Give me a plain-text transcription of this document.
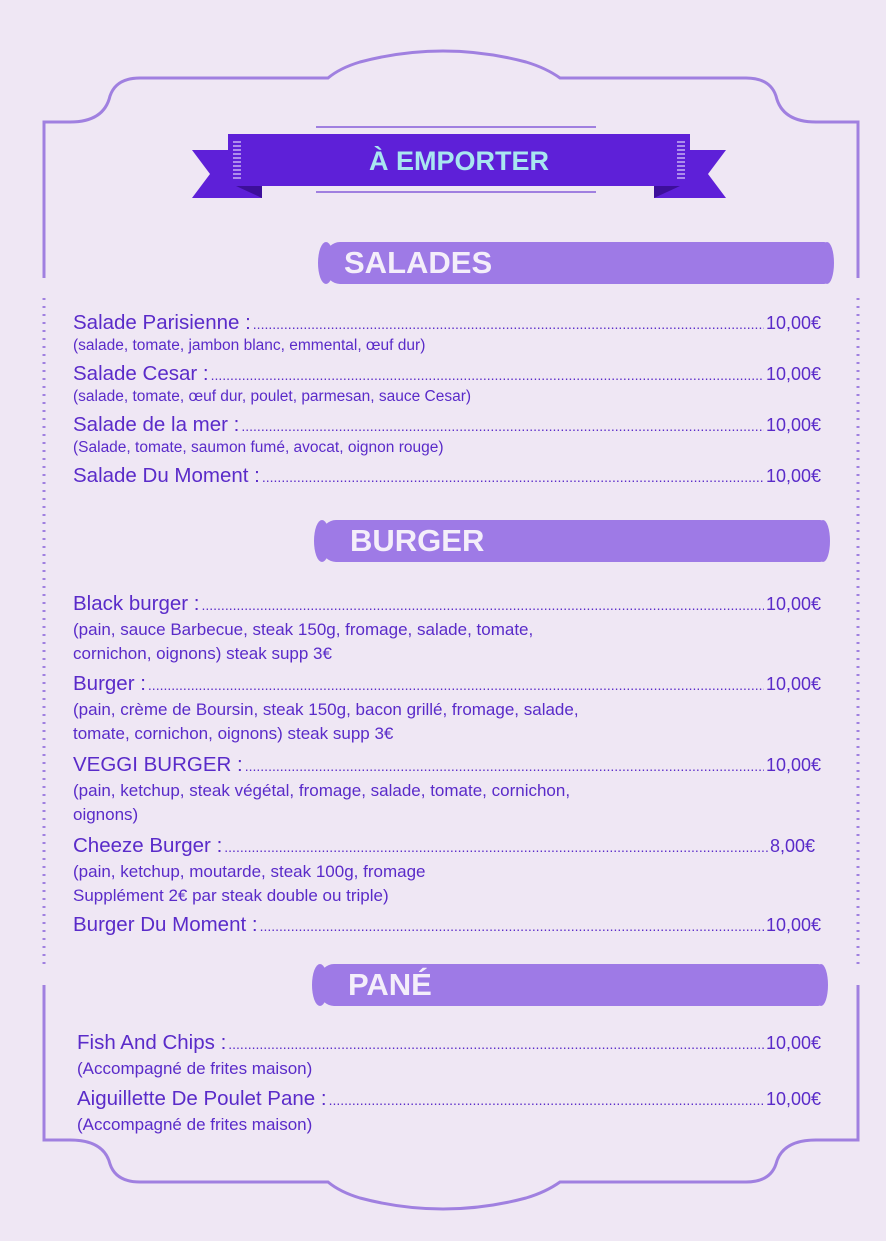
À EMPORTER
SALADES
Salade Parisienne : .....	10,00€
(salade, tomate, jambon blanc, emmental, œuf dur)
Salade Cesar : .....	10,00€
(salade, tomate, œuf dur, poulet, parmesan, sauce Cesar)
Salade de la mer : .....	10,00€
(Salade, tomate, saumon fumé, avocat, oignon rouge)
Salade Du Moment : .....	10,00€
BURGER
Black burger : .....	10,00€
(pain, sauce Barbecue, steak 150g, fromage, salade, tomate,
cornichon, oignons) steak supp 3€
Burger : .....	10,00€
(pain, crème de Boursin, steak 150g, bacon grillé, fromage, salade,
tomate, cornichon, oignons) steak supp 3€
VEGGI BURGER : .....	10,00€
(pain, ketchup, steak végétal, fromage, salade, tomate, cornichon,
oignons)
Cheeze Burger : .....	8,00€
(pain, ketchup, moutarde, steak 100g, fromage
Supplément 2€ par steak double ou triple)
Burger Du Moment : .....	10,00€
PANÉ
Fish And Chips : .....	10,00€
(Accompagné de frites maison)
Aiguillette De Poulet Pane : .....	10,00€
(Accompagné de frites maison)
